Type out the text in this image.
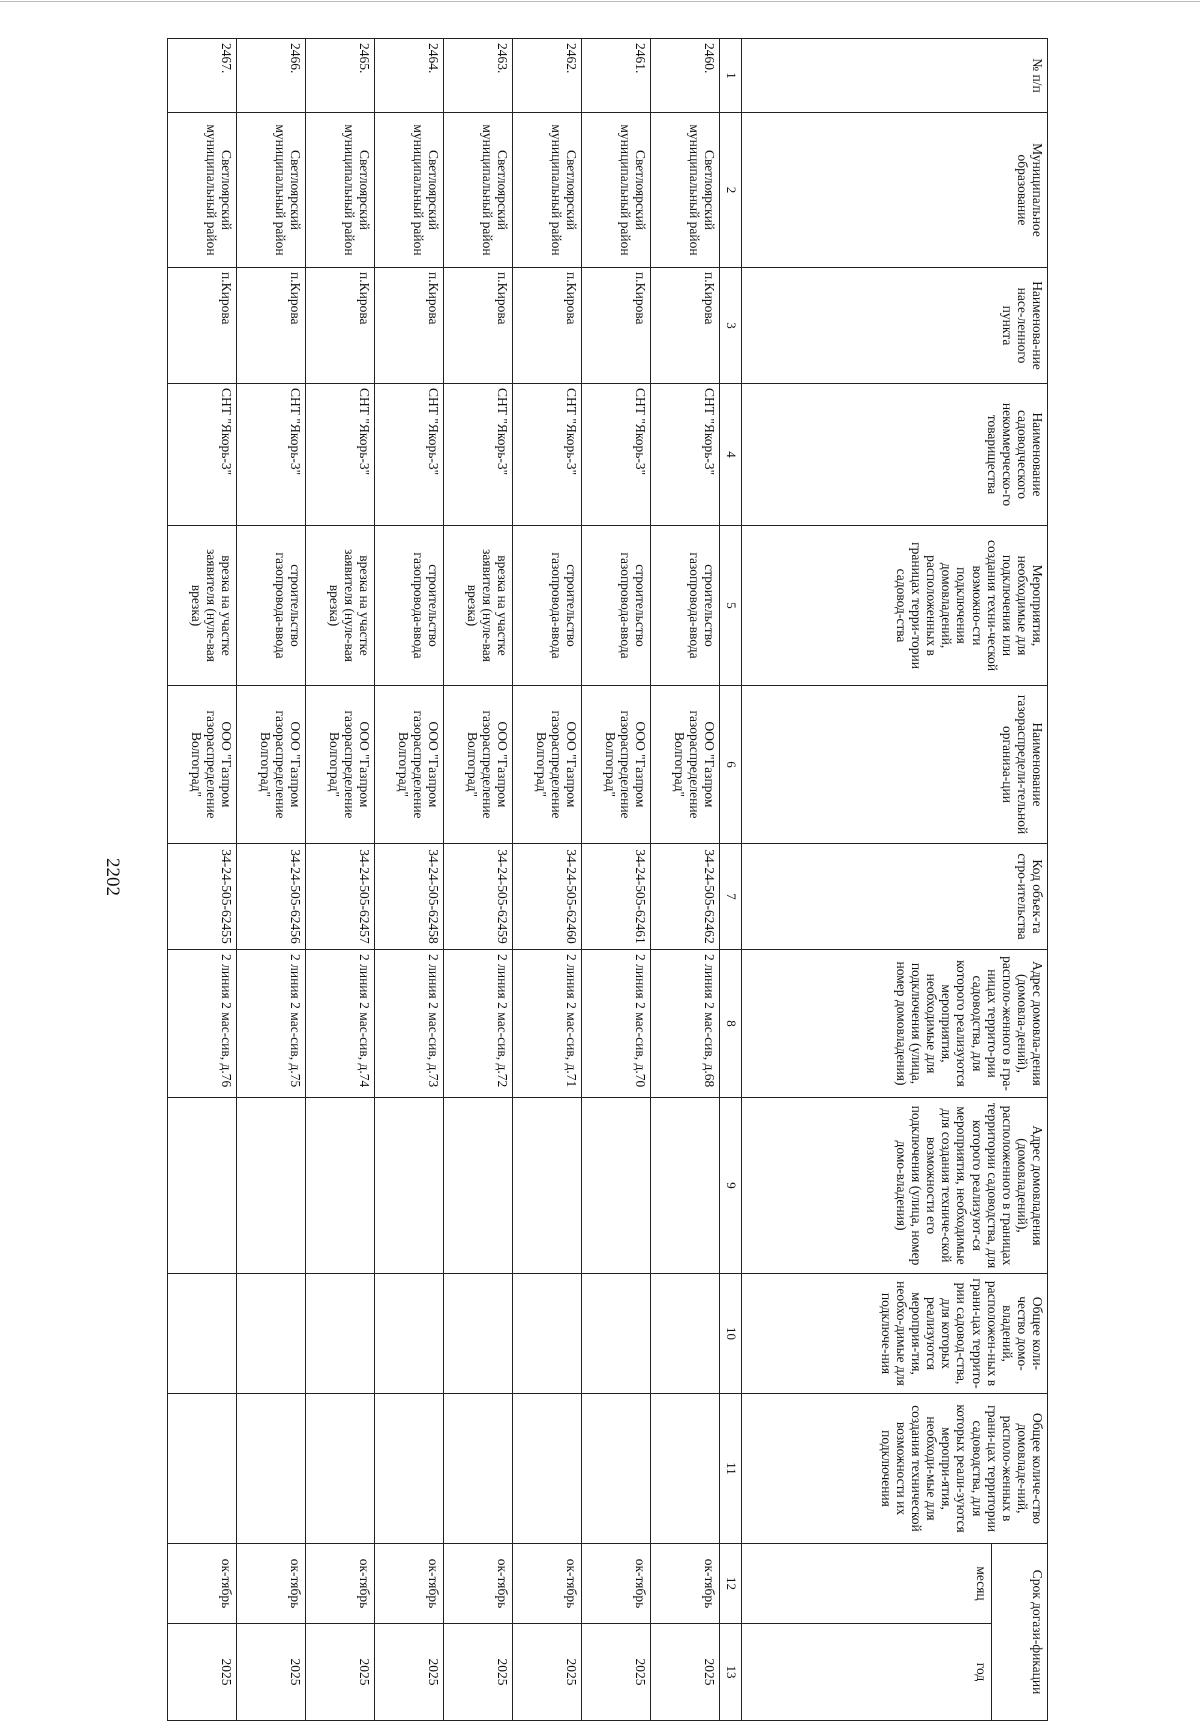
2202
№ п/п	Муниципальное образование	Наименова-ние насе-ленного пункта	Наименование садоводческого некоммерческо-го товарищества	Мероприятия, необходимые для подключения или создания техни-ческой возможно-сти подключения домовладений, расположенных в границах терри-тории садовод-ства	Наименование газораспредели-тельной организа-ции	Код объек-та стро-ительства	Адрес домовла-дения (домовла-дений), располо-женного в гра-ницах террито-рии садоводства, для которого реализуются мероприятия, необходимые для подключения (улица, номер домовладения)	Адрес домовладения (домовладений), расположенного в границах территории садоводства, для которого реализуют-ся мероприятия, необходимые для создания техниче-ской возможности его подключения (улица, номер домо-владения)	Общее коли-чество домо-владений, расположен-ных в грани-цах террито-рии садовод-ства, для которых реализуются мероприя-тия, необхо-димые для подключе-ния	Общее количе-ство домовладе-ний, располо-женных в грани-цах территории садоводства, для которых реали-зуются меропри-ятия, необходи-мые для создания технической возможности их подключения	Срок догази-фикации	
											месяц	год
1	2	3	4	5	6	7	8	9	10	11	12	13
2460.	Светлоярский муниципальный район	п.Кирова	СНТ "Якорь-3"	строительство газопровода-ввода	ООО "Газпром газораспределение Волгоград"	34-24-505-62462	2 линия 2 мас-сив, д.68				ок-тябрь	2025
2461.	Светлоярский муниципальный район	п.Кирова	СНТ "Якорь-3"	строительство газопровода-ввода	ООО "Газпром газораспределение Волгоград"	34-24-505-62461	2 линия 2 мас-сив, д.70				ок-тябрь	2025
2462.	Светлоярский муниципальный район	п.Кирова	СНТ "Якорь-3"	строительство газопровода-ввода	ООО "Газпром газораспределение Волгоград"	34-24-505-62460	2 линия 2 мас-сив, д.71				ок-тябрь	2025
2463.	Светлоярский муниципальный район	п.Кирова	СНТ "Якорь-3"	врезка на участке заявителя (нуле-вая врезка)	ООО "Газпром газораспределение Волгоград"	34-24-505-62459	2 линия 2 мас-сив, д.72				ок-тябрь	2025
2464.	Светлоярский муниципальный район	п.Кирова	СНТ "Якорь-3"	строительство газопровода-ввода	ООО "Газпром газораспределение Волгоград"	34-24-505-62458	2 линия 2 мас-сив, д.73				ок-тябрь	2025
2465.	Светлоярский муниципальный район	п.Кирова	СНТ "Якорь-3"	врезка на участке заявителя (нуле-вая врезка)	ООО "Газпром газораспределение Волгоград"	34-24-505-62457	2 линия 2 мас-сив, д.74				ок-тябрь	2025
2466.	Светлоярский муниципальный район	п.Кирова	СНТ "Якорь-3"	строительство газопровода-ввода	ООО "Газпром газораспределение Волгоград"	34-24-505-62456	2 линия 2 мас-сив, д.75				ок-тябрь	2025
2467.	Светлоярский муниципальный район	п.Кирова	СНТ "Якорь-3"	врезка на участке заявителя (нуле-вая врезка)	ООО "Газпром газораспределение Волгоград"	34-24-505-62455	2 линия 2 мас-сив, д.76				ок-тябрь	2025
